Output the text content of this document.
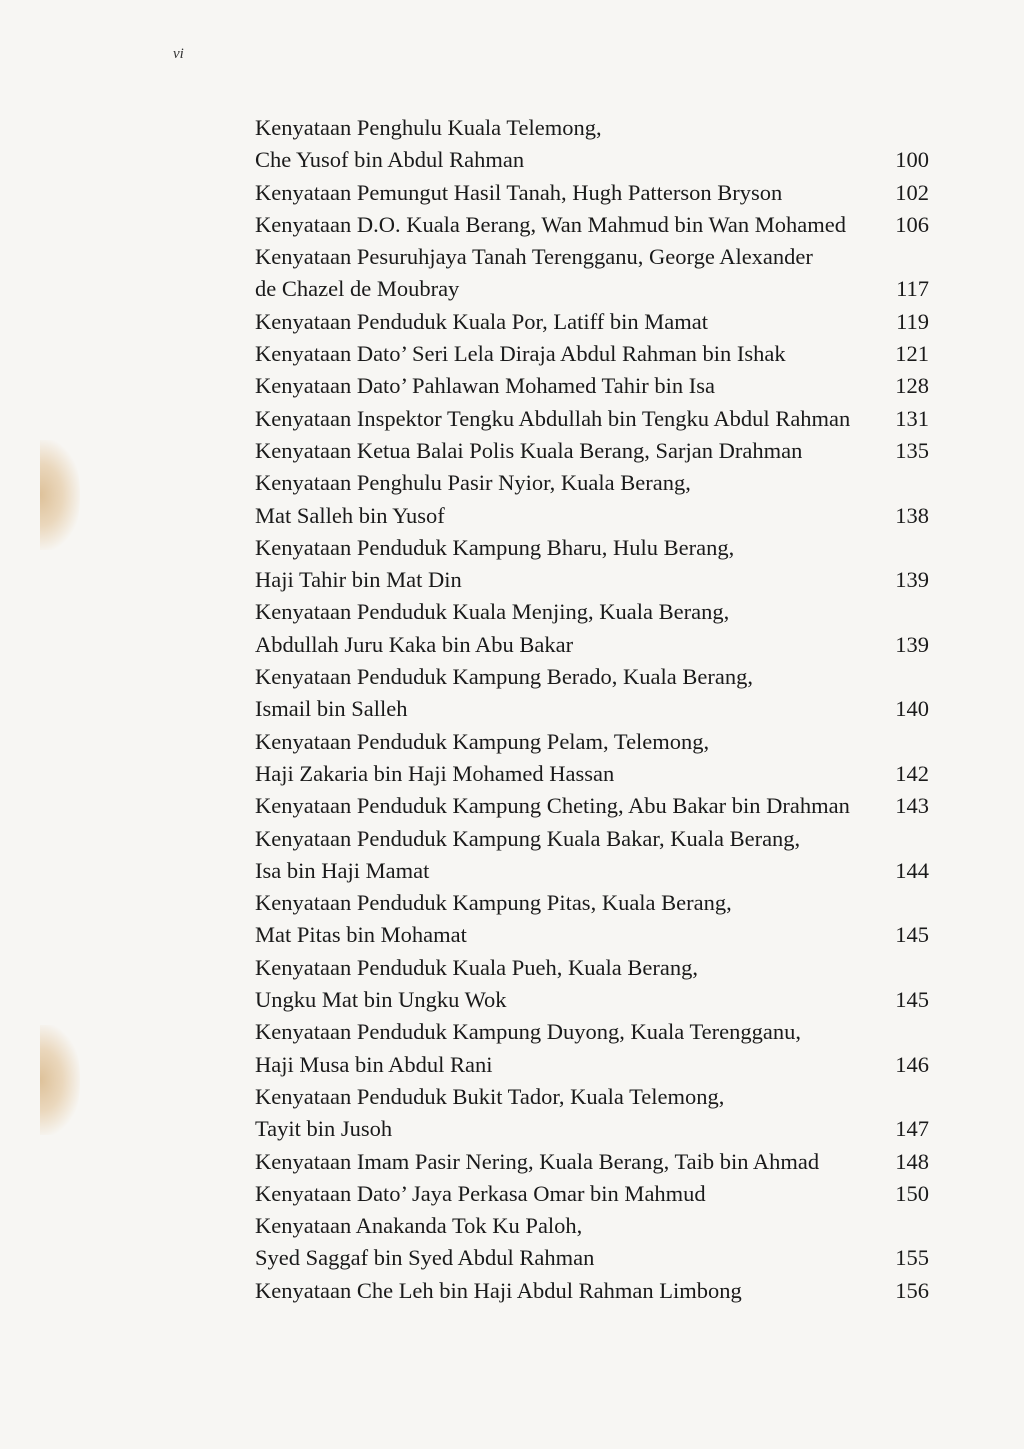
vi
Kenyataan Penghulu Kuala Telemong,
Che Yusof bin Abdul Rahman	100
Kenyataan Pemungut Hasil Tanah, Hugh Patterson Bryson	102
Kenyataan D.O. Kuala Berang, Wan Mahmud bin Wan Mohamed	106
Kenyataan Pesuruhjaya Tanah Terengganu, George Alexander
de Chazel de Moubray	117
Kenyataan Penduduk Kuala Por, Latiff bin Mamat	119
Kenyataan Dato’ Seri Lela Diraja Abdul Rahman bin Ishak	121
Kenyataan Dato’ Pahlawan Mohamed Tahir bin Isa	128
Kenyataan Inspektor Tengku Abdullah bin Tengku Abdul Rahman	131
Kenyataan Ketua Balai Polis Kuala Berang, Sarjan Drahman	135
Kenyataan Penghulu Pasir Nyior, Kuala Berang,
Mat Salleh bin Yusof	138
Kenyataan Penduduk Kampung Bharu, Hulu Berang,
Haji Tahir bin Mat Din	139
Kenyataan Penduduk Kuala Menjing, Kuala Berang,
Abdullah Juru Kaka bin Abu Bakar	139
Kenyataan Penduduk Kampung Berado, Kuala Berang,
Ismail bin Salleh	140
Kenyataan Penduduk Kampung Pelam, Telemong,
Haji Zakaria bin Haji Mohamed Hassan	142
Kenyataan Penduduk Kampung Cheting, Abu Bakar bin Drahman	143
Kenyataan Penduduk Kampung Kuala Bakar, Kuala Berang,
Isa bin Haji Mamat	144
Kenyataan Penduduk Kampung Pitas, Kuala Berang,
Mat Pitas bin Mohamat	145
Kenyataan Penduduk Kuala Pueh, Kuala Berang,
Ungku Mat bin Ungku Wok	145
Kenyataan Penduduk Kampung Duyong, Kuala Terengganu,
Haji Musa bin Abdul Rani	146
Kenyataan Penduduk Bukit Tador, Kuala Telemong,
Tayit bin Jusoh	147
Kenyataan Imam Pasir Nering, Kuala Berang, Taib bin Ahmad	148
Kenyataan Dato’ Jaya Perkasa Omar bin Mahmud	150
Kenyataan Anakanda Tok Ku Paloh,
Syed Saggaf bin Syed Abdul Rahman	155
Kenyataan Che Leh bin Haji Abdul Rahman Limbong	156
